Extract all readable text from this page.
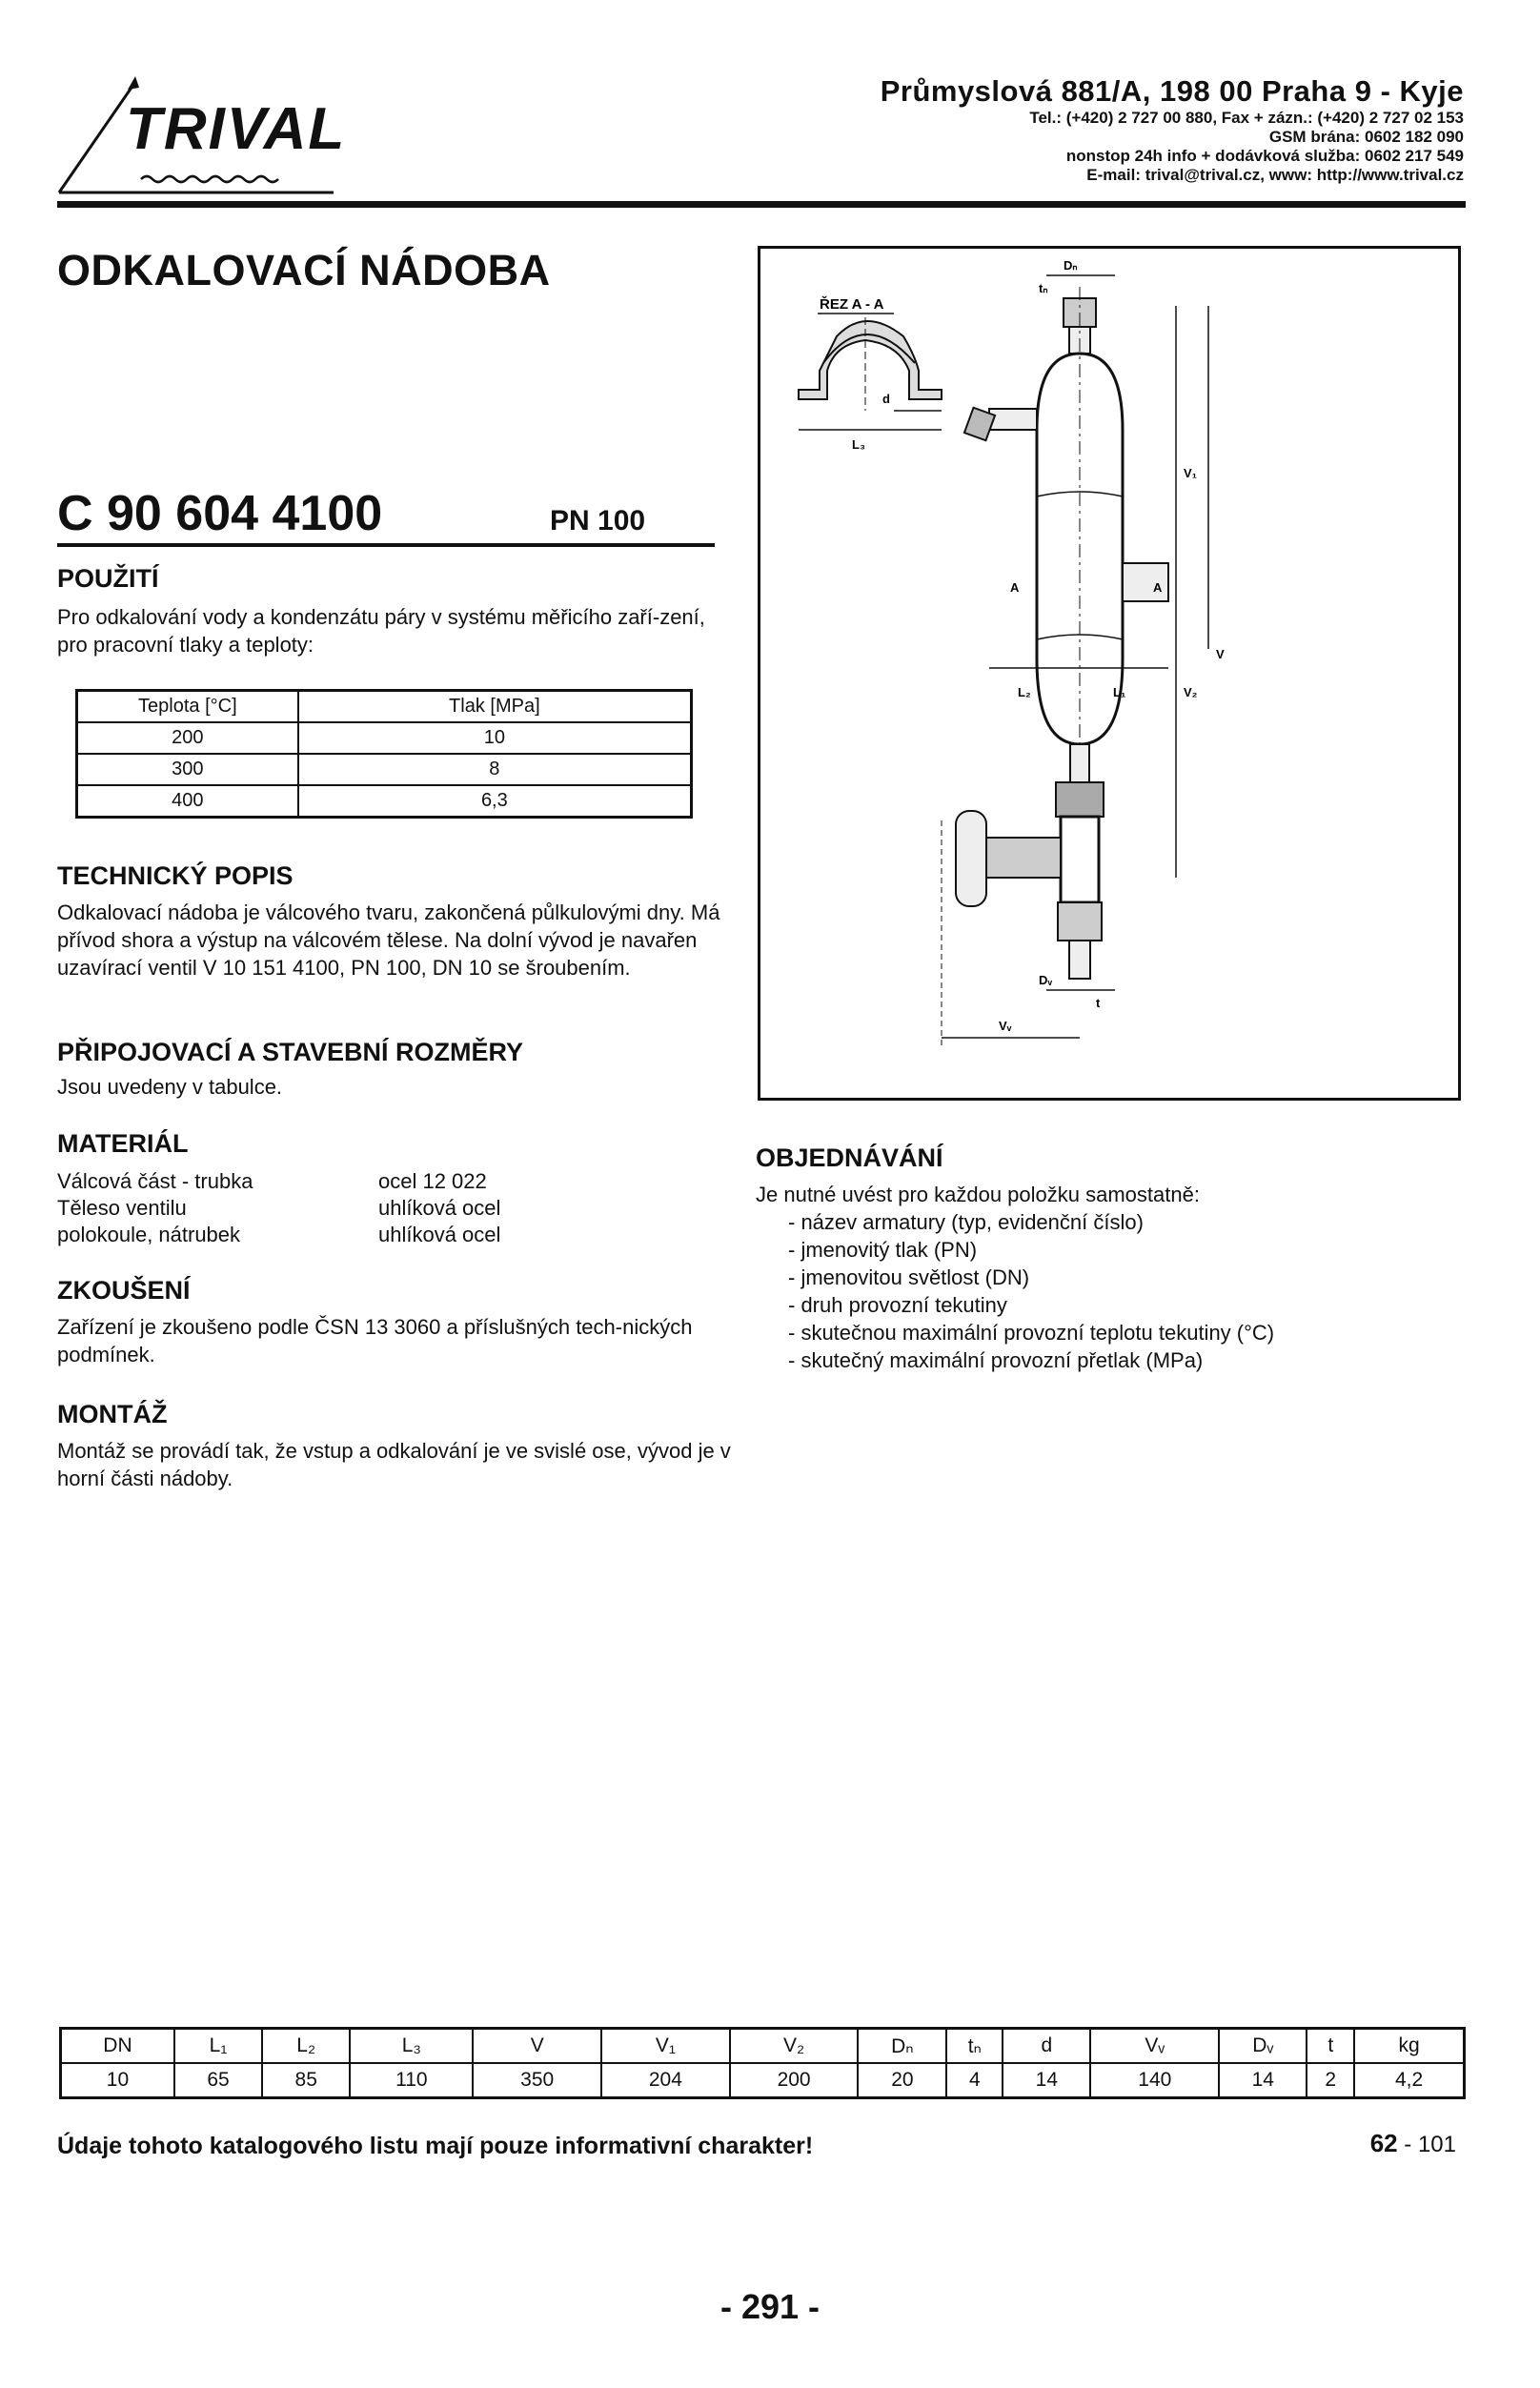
TRIVAL
Průmyslová 881/A, 198 00 Praha 9 - Kyje
Tel.: (+420) 2 727 00 880, Fax + zázn.: (+420) 2 727 02 153
GSM brána: 0602 182 090
nonstop 24h info + dodávková služba: 0602 217 549
E-mail: trival@trival.cz, www: http://www.trival.cz
ODKALOVACÍ NÁDOBA
C 90 604 4100	PN 100
POUŽITÍ

Pro odkalování vody a kondenzátu páry v systému měřicího zaří-zení, pro pracovní tlaky a teploty:

Teplota [°C]	Tlak [MPa]
200	10
300	8
400	6,3
TECHNICKÝ POPIS

Odkalovací nádoba je válcového tvaru, zakončená půlkulovými dny. Má přívod shora a výstup na válcovém tělese. Na dolní vývod je navařen uzavírací ventil V 10 151 4100, PN 100, DN 10 se šroubením.

PŘIPOJOVACÍ A STAVEBNÍ ROZMĚRY

Jsou uvedeny v tabulce.

MATERIÁL
Válcová část - trubka	ocel 12 022
Těleso ventilu	uhlíková ocel
polokoule, nátrubek	uhlíková ocel
ZKOUŠENÍ

Zařízení je zkoušeno podle ČSN 13 3060 a příslušných tech-nických podmínek.

MONTÁŽ

Montáž se provádí tak, že vstup a odkalování je ve svislé ose, vývod je v horní části nádoby.

ŘEZ A - A
L₃
d
Dₙ
tₙ
A	A
L₂	L₁
V₁
V
V₂
Dᵥ
t
Vᵥ
OBJEDNÁVÁNÍ

Je nutné uvést pro každou položku samostatně:

- název armatury (typ, evidenční číslo)
- jmenovitý tlak (PN)
- jmenovitou světlost (DN)
- druh provozní tekutiny
- skutečnou maximální provozní teplotu tekutiny (°C)
- skutečný maximální provozní přetlak (MPa)
DN	L₁	L₂	L₃	V	V₁	V₂	Dₙ	tₙ	d	Vᵥ	Dᵥ	t	kg
10	65	85	110	350	204	200	20	4	14	140	14	2	4,2
Údaje tohoto katalogového listu mají pouze informativní charakter!	62 - 101
- 291 -
